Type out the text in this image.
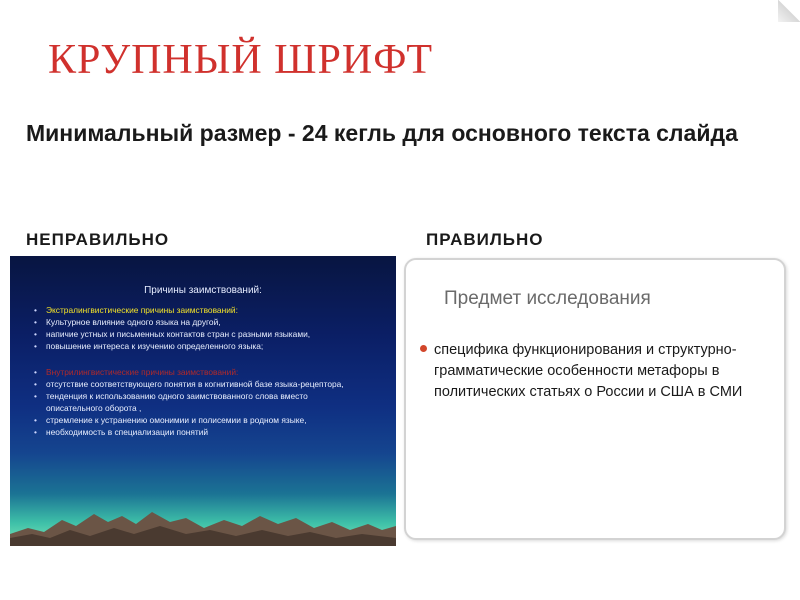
КРУПНЫЙ ШРИФТ

Минимальный размер - 24 кегль для основного текста слайда

НЕПРАВИЛЬНО	ПРАВИЛЬНО
Причины заимствований:
• Экстралингвистические причины заимствований:
• Культурное влияние одного языка на другой,
• напичие устных и письменных контактов стран с разными языками,
• повышение интереса к изучению определенного языка;
• Внутрилингвистические причины заимствований:
• отсутствие соответствующего понятия в когнитивной базе языка-рецептора,
• тенденция к использованию одного заимствованного слова вместо описательного оборота ,
• стремление к устранению омонимии и полисемии в родном языке,
• необходимость в специализации понятий
Предмет исследования
специфика функционирования и структурно-грамматические особенности метафоры в политических статьях о России и США в СМИ
